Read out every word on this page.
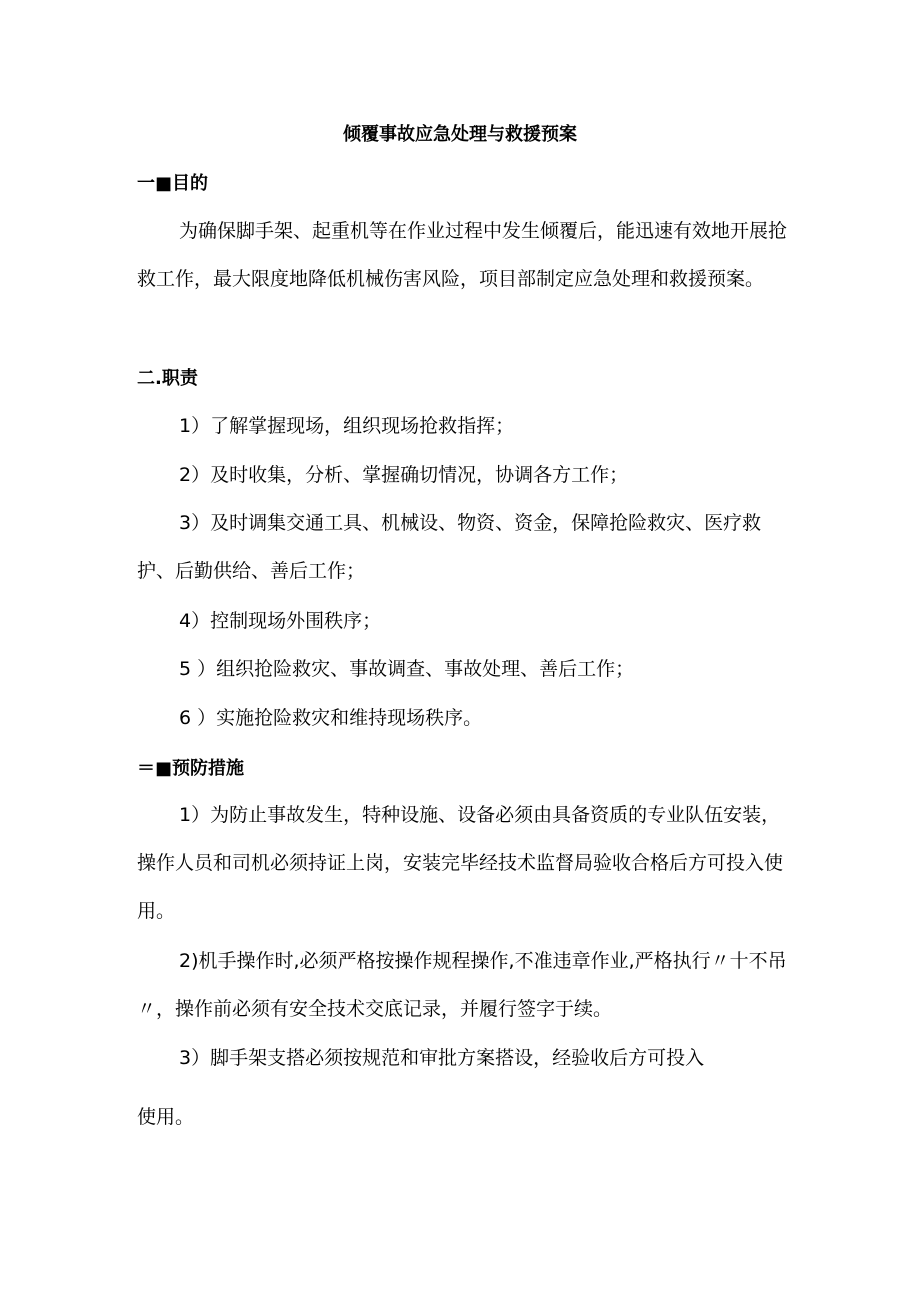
倾覆事故应急处理与救援预案
一■目的

为确保脚手架、起重机等在作业过程中发生倾覆后，能迅速有效地开展抢救工作，最大限度地降低机械伤害风险，项目部制定应急处理和救援预案。

二.职责

1）了解掌握现场，组织现场抢救指挥；

2）及时收集，分析、掌握确切情况，协调各方工作；

3）及时调集交通工具、机械设、物资、资金，保障抢险救灾、医疗救护、后勤供给、善后工作；

4）控制现场外围秩序；

5 ）组织抢险救灾、事故调查、事故处理、善后工作；

6 ）实施抢险救灾和维持现场秩序。

＝■预防措施

1）为防止事故发生，特种设施、设备必须由具备资质的专业队伍安装，操作人员和司机必须持证上岗，安装完毕经技术监督局验收合格后方可投入使用。

2)机手操作时,必须严格按操作规程操作,不准违章作业,严格执行〃十不吊〃，操作前必须有安全技术交底记录，并履行签字于续。

3）脚手架支搭必须按规范和审批方案搭设，经验收后方可投入

使用。
